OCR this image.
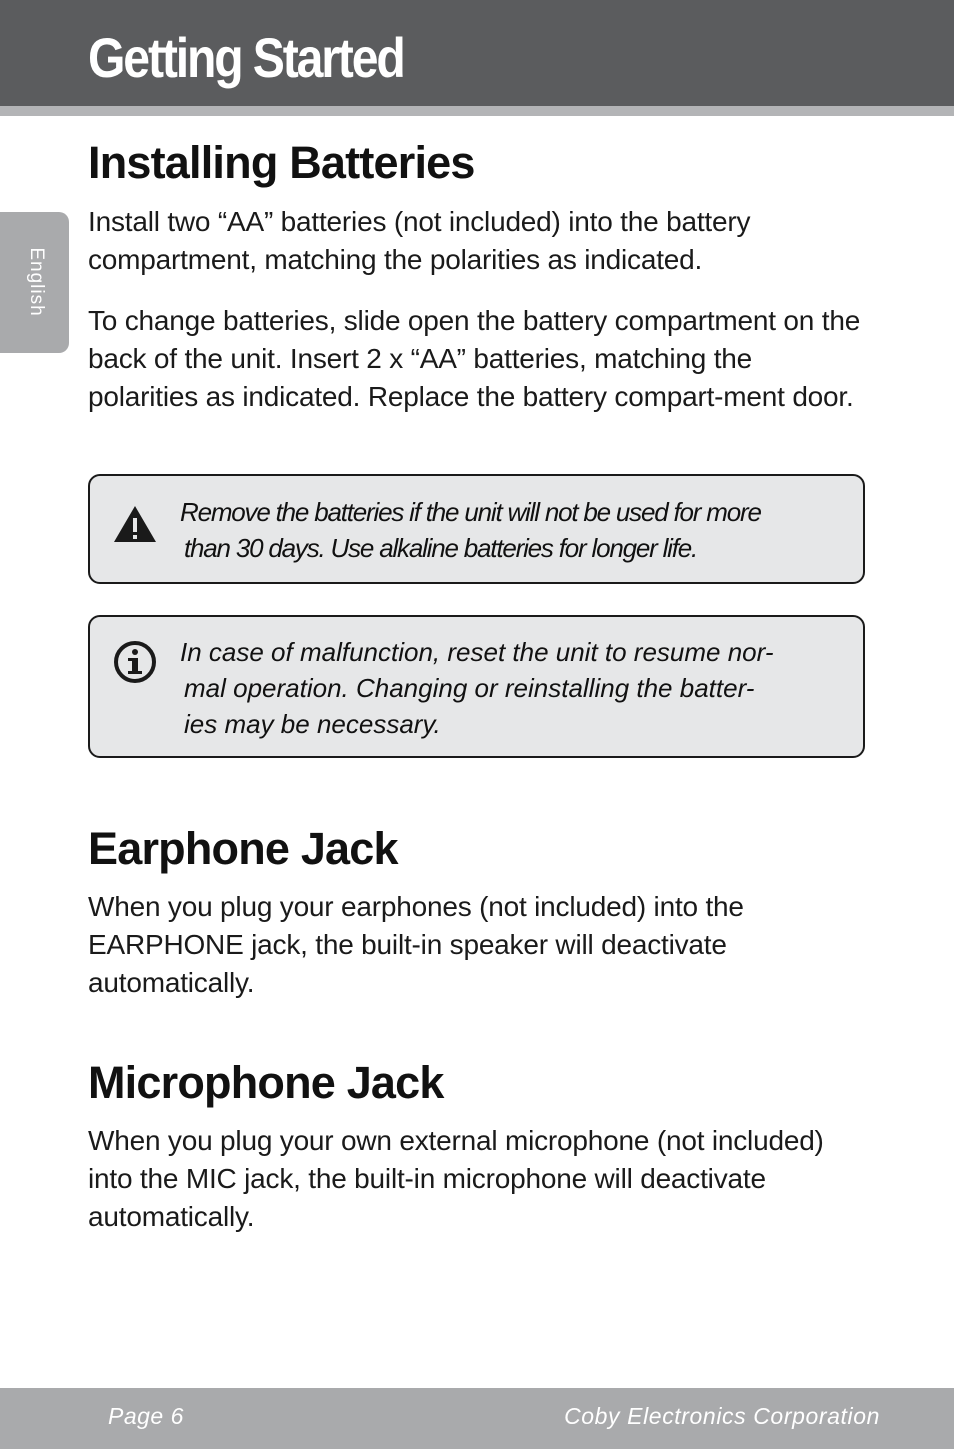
Getting Started
English
Installing Batteries

Install two “AA” batteries (not included) into the battery compartment, matching the polarities as indicated.

To change batteries, slide open the battery compartment on the back of the unit. Insert 2 x “AA” batteries, matching the polarities as indicated. Replace the battery compart-ment door.

Remove the batteries if the unit will not be used for more
than 30 days. Use alkaline batteries for longer life.
In case of malfunction, reset the unit to resume nor-
mal operation. Changing or reinstalling the batter-
ies may be necessary.
Earphone Jack

When you plug your earphones (not included) into the EARPHONE jack, the built-in speaker will deactivate automatically.

Microphone Jack

When you plug your own external microphone (not included) into the MIC jack, the built-in microphone will deactivate automatically.

Page 6	Coby Electronics Corporation
